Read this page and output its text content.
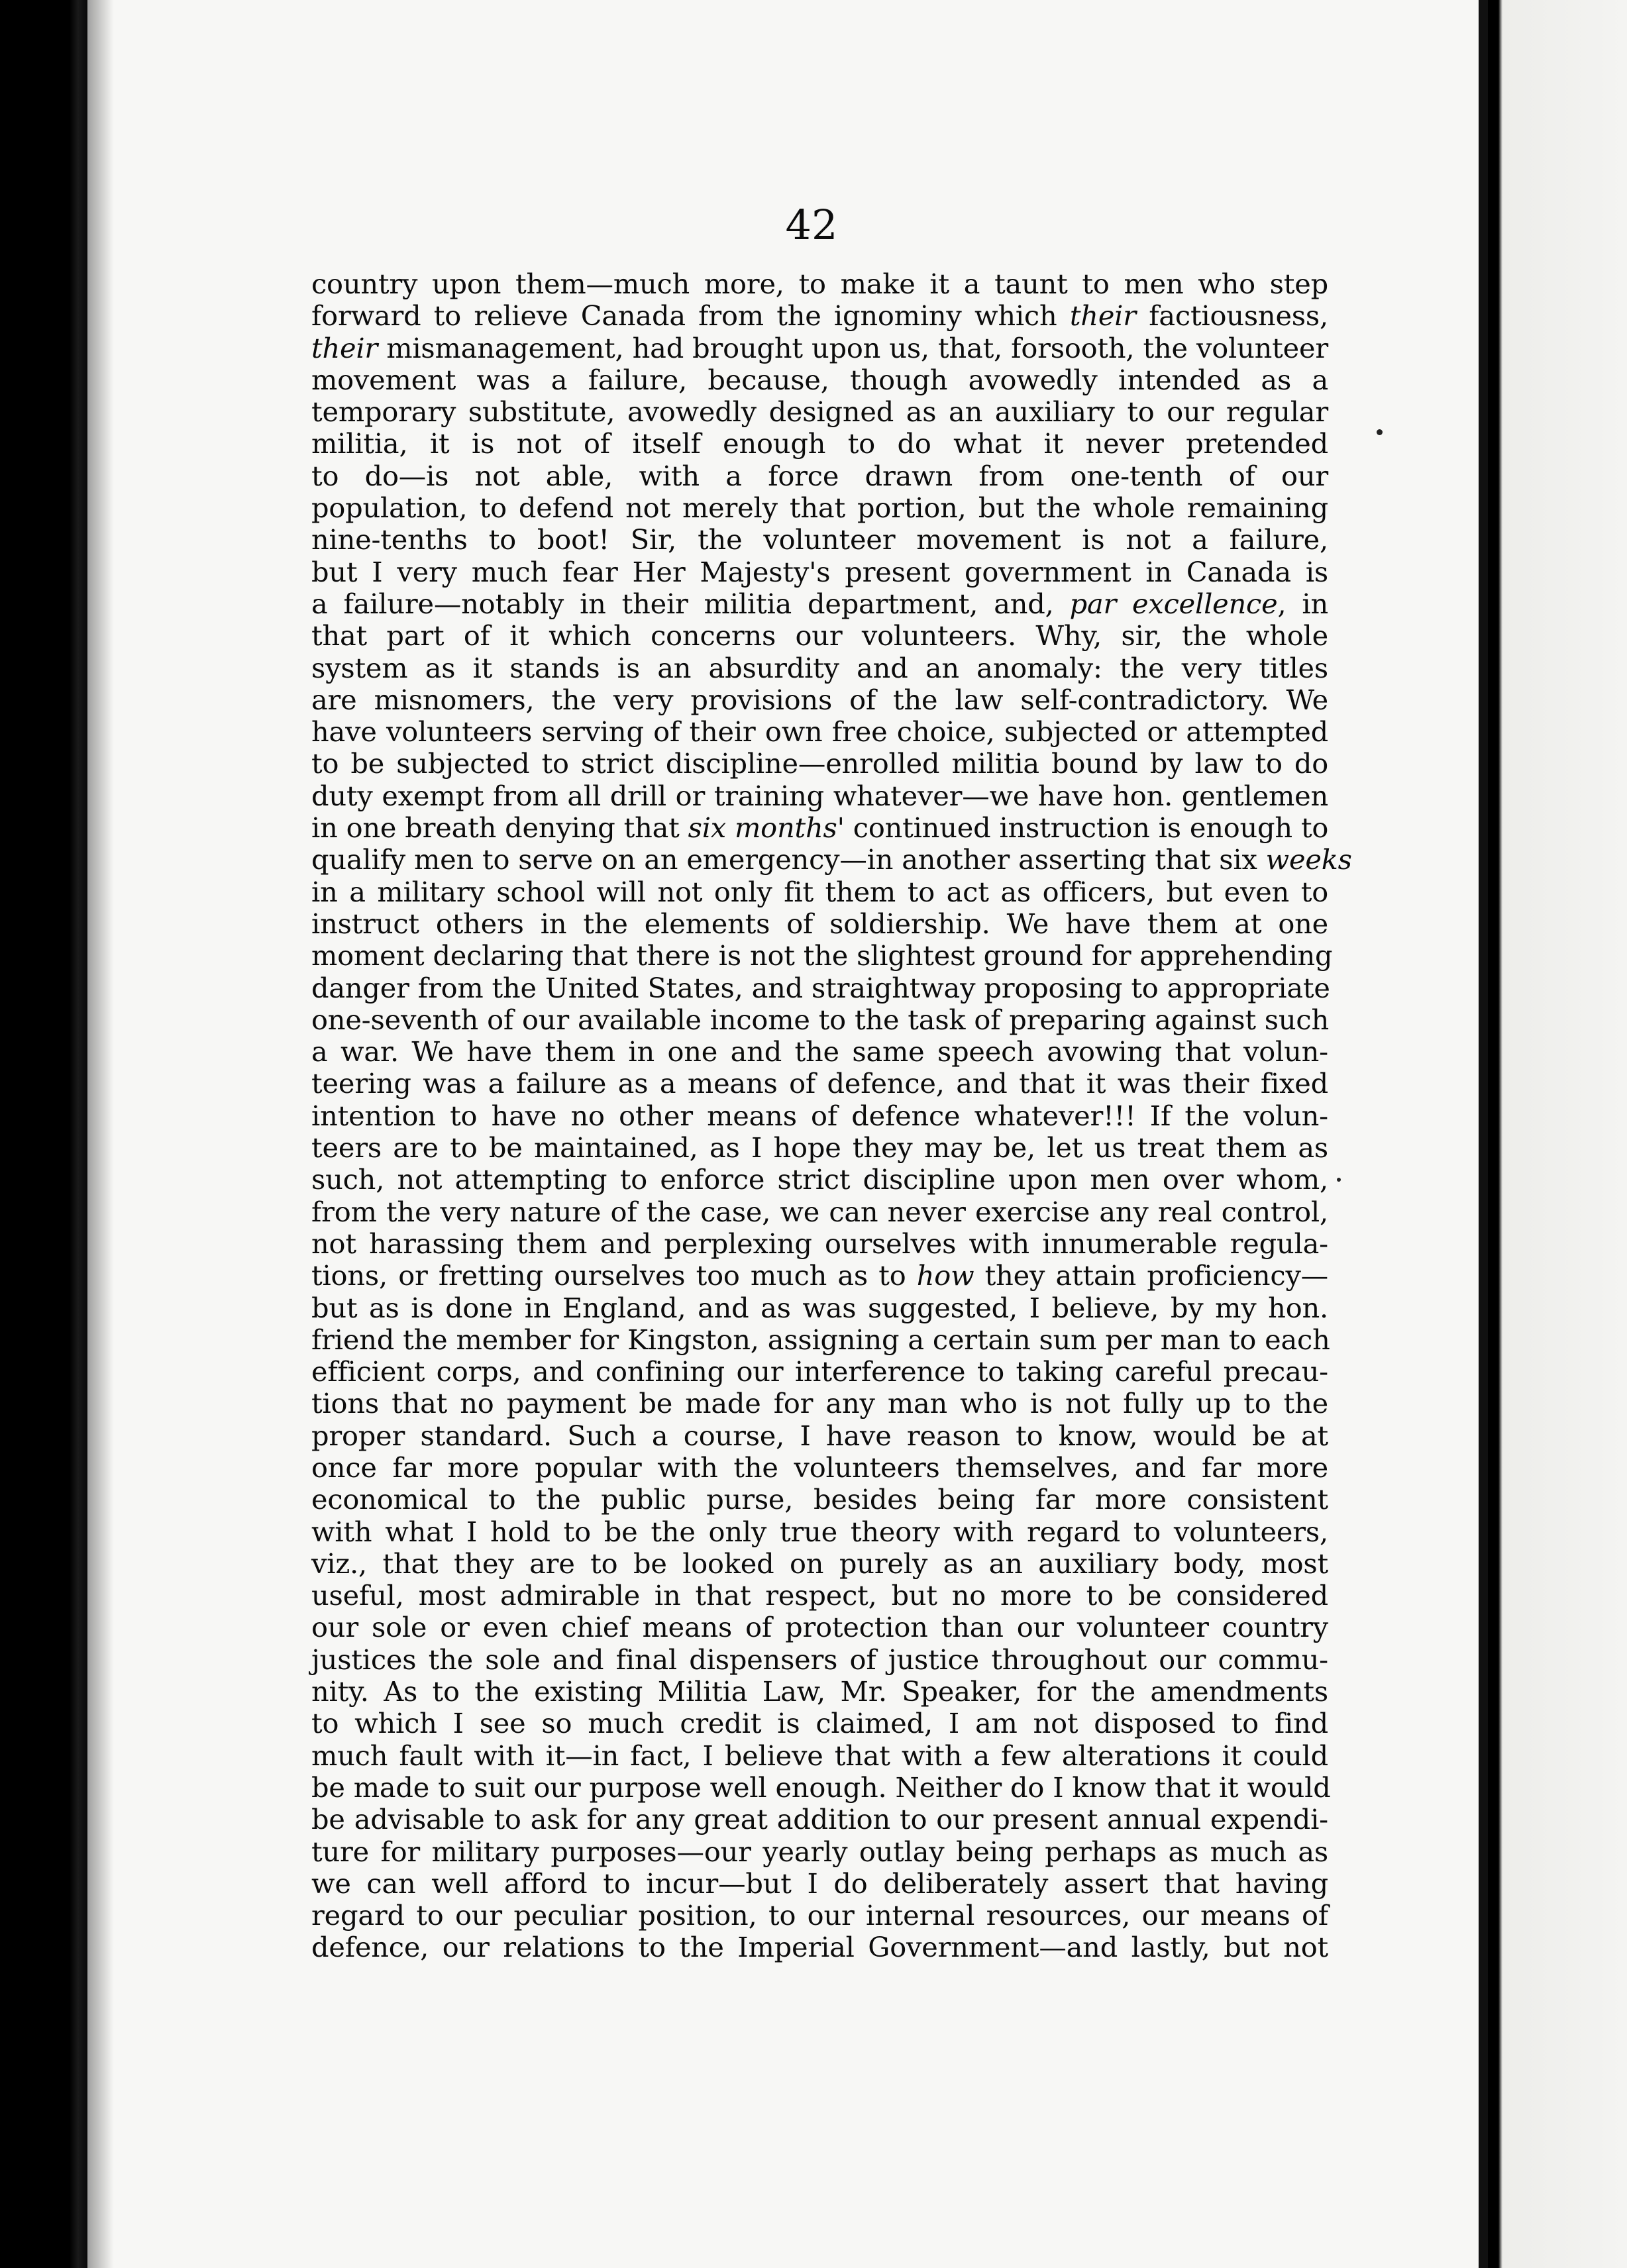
42
country upon them—much more, to make it a taunt to men who step
forward to relieve Canada from the ignominy which their factiousness,
their mismanagement, had brought upon us, that, forsooth, the volunteer
movement was a failure, because, though avowedly intended as a
temporary substitute, avowedly designed as an auxiliary to our regular
militia, it is not of itself enough to do what it never pretended
to do—is not able, with a force drawn from one-tenth of our
population, to defend not merely that portion, but the whole remaining
nine-tenths to boot! Sir, the volunteer movement is not a failure,
but I very much fear Her Majesty's present government in Canada is
a failure—notably in their militia department, and, par excellence, in
that part of it which concerns our volunteers. Why, sir, the whole
system as it stands is an absurdity and an anomaly: the very titles
are misnomers, the very provisions of the law self-contradictory. We
have volunteers serving of their own free choice, subjected or attempted
to be subjected to strict discipline—enrolled militia bound by law to do
duty exempt from all drill or training whatever—we have hon. gentlemen
in one breath denying that six months' continued instruction is enough to
qualify men to serve on an emergency—in another asserting that six weeks
in a military school will not only fit them to act as officers, but even to
instruct others in the elements of soldiership. We have them at one
moment declaring that there is not the slightest ground for apprehending
danger from the United States, and straightway proposing to appropriate
one-seventh of our available income to the task of preparing against such
a war. We have them in one and the same speech avowing that volun-
teering was a failure as a means of defence, and that it was their fixed
intention to have no other means of defence whatever!!! If the volun-
teers are to be maintained, as I hope they may be, let us treat them as
such, not attempting to enforce strict discipline upon men over whom,
from the very nature of the case, we can never exercise any real control,
not harassing them and perplexing ourselves with innumerable regula-
tions, or fretting ourselves too much as to how they attain proficiency—
but as is done in England, and as was suggested, I believe, by my hon.
friend the member for Kingston, assigning a certain sum per man to each
efficient corps, and confining our interference to taking careful precau-
tions that no payment be made for any man who is not fully up to the
proper standard. Such a course, I have reason to know, would be at
once far more popular with the volunteers themselves, and far more
economical to the public purse, besides being far more consistent
with what I hold to be the only true theory with regard to volunteers,
viz., that they are to be looked on purely as an auxiliary body, most
useful, most admirable in that respect, but no more to be considered
our sole or even chief means of protection than our volunteer country
justices the sole and final dispensers of justice throughout our commu-
nity. As to the existing Militia Law, Mr. Speaker, for the amendments
to which I see so much credit is claimed, I am not disposed to find
much fault with it—in fact, I believe that with a few alterations it could
be made to suit our purpose well enough. Neither do I know that it would
be advisable to ask for any great addition to our present annual expendi-
ture for military purposes—our yearly outlay being perhaps as much as
we can well afford to incur—but I do deliberately assert that having
regard to our peculiar position, to our internal resources, our means of
defence, our relations to the Imperial Government—and lastly, but not
